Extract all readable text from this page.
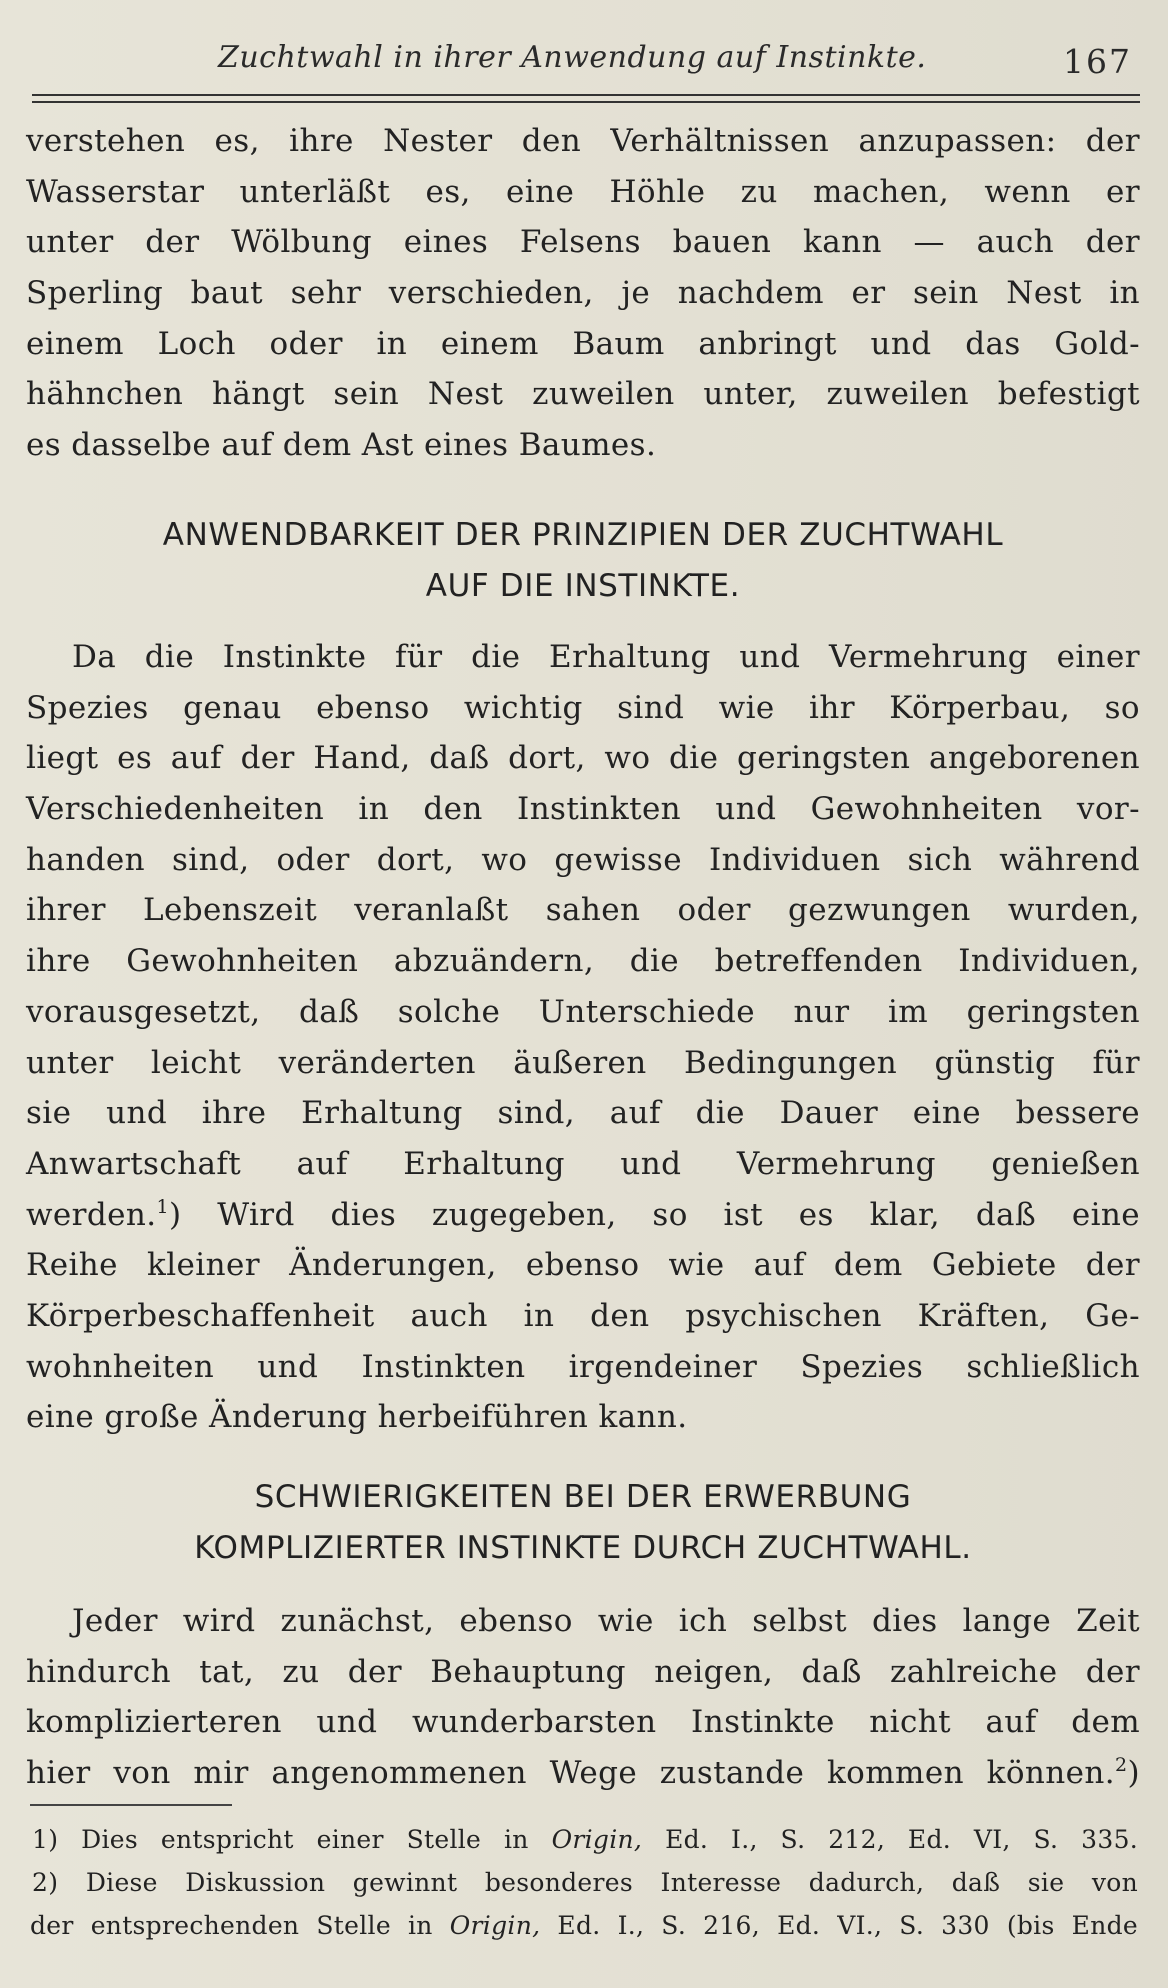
Zuchtwahl in ihrer Anwendung auf Instinkte.	167
verstehen es, ihre Nester den Verhältnissen anzupassen: der
Wasserstar unterläßt es, eine Höhle zu machen, wenn er
unter der Wölbung eines Felsens bauen kann — auch der
Sperling baut sehr verschieden, je nachdem er sein Nest in
einem Loch oder in einem Baum anbringt und das Gold-
hähnchen hängt sein Nest zuweilen unter, zuweilen befestigt
es dasselbe auf dem Ast eines Baumes.
ANWENDBARKEIT DER PRINZIPIEN DER ZUCHTWAHL
AUF DIE INSTINKTE.
Da die Instinkte für die Erhaltung und Vermehrung einer
Spezies genau ebenso wichtig sind wie ihr Körperbau, so
liegt es auf der Hand, daß dort, wo die geringsten angeborenen
Verschiedenheiten in den Instinkten und Gewohnheiten vor-
handen sind, oder dort, wo gewisse Individuen sich während
ihrer Lebenszeit veranlaßt sahen oder gezwungen wurden,
ihre Gewohnheiten abzuändern, die betreffenden Individuen,
vorausgesetzt, daß solche Unterschiede nur im geringsten
unter leicht veränderten äußeren Bedingungen günstig für
sie und ihre Erhaltung sind, auf die Dauer eine bessere
Anwartschaft auf Erhaltung und Vermehrung genießen
werden.$^1$) Wird dies zugegeben, so ist es klar, daß eine
Reihe kleiner Änderungen, ebenso wie auf dem Gebiete der
Körperbeschaffenheit auch in den psychischen Kräften, Ge-
wohnheiten und Instinkten irgendeiner Spezies schließlich
eine große Änderung herbeiführen kann.
SCHWIERIGKEITEN BEI DER ERWERBUNG
KOMPLIZIERTER INSTINKTE DURCH ZUCHTWAHL.
Jeder wird zunächst, ebenso wie ich selbst dies lange Zeit
hindurch tat, zu der Behauptung neigen, daß zahlreiche der
komplizierteren und wunderbarsten Instinkte nicht auf dem
hier von mir angenommenen Wege zustande kommen können.$^2$)
1) Dies entspricht einer Stelle in Origin, Ed. I., S. 212, Ed. VI, S. 335.
2) Diese Diskussion gewinnt besonderes Interesse dadurch, daß sie von
der entsprechenden Stelle in Origin, Ed. I., S. 216, Ed. VI., S. 330 (bis Ende
